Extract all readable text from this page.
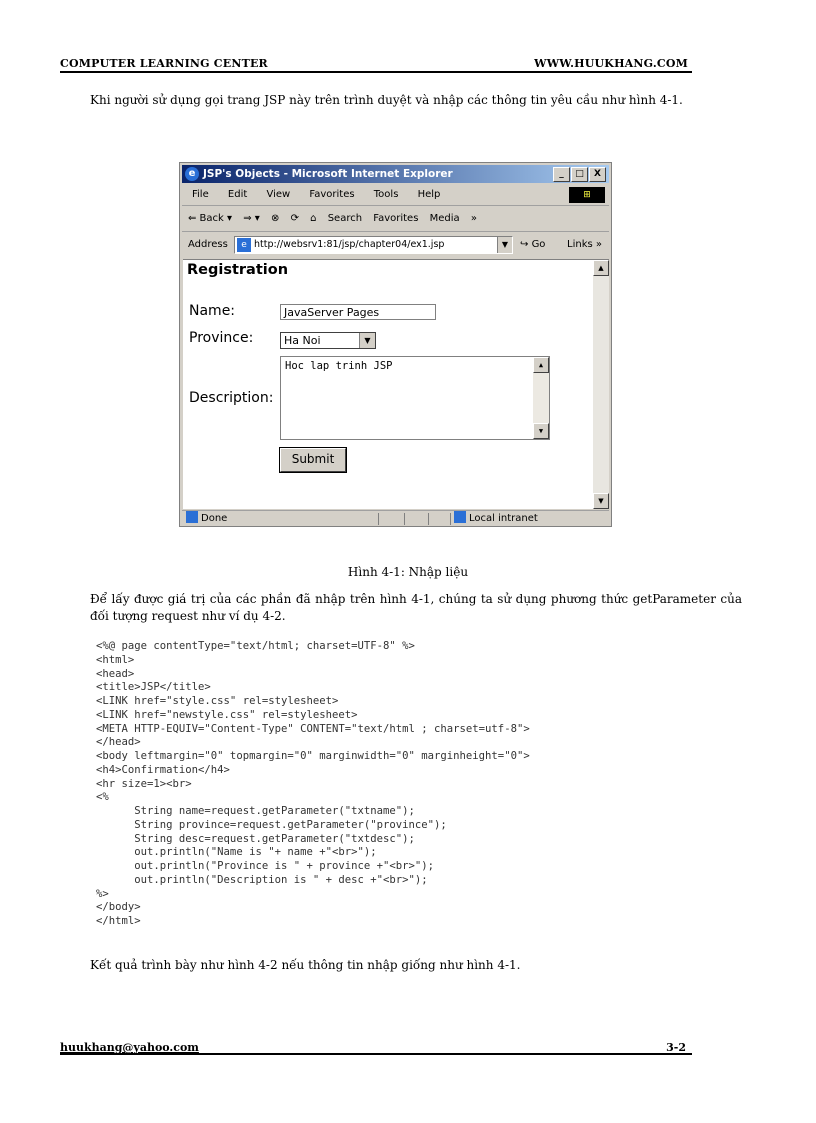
COMPUTER LEARNING CENTER	WWW.HUUKHANG.COM
Khi người sử dụng gọi trang JSP này trên trình duyệt và nhập các thông tin yêu cầu như hình 4-1.
e JSP's Objects - Microsoft Internet Explorer	_ □ X
File Edit View Favorites Tools Help	⊞
⇐ Back ▾ ⇒ ▾ ⊗ ⟳ ⌂ Search Favorites Media »
Address	e http://websrv1:81/jsp/chapter04/ex1.jsp	▼	↪ Go Links »
Registration
Name:	JavaServer Pages
Province:	Ha Noi	▼
Description:
Hoc lap trinh JSP	▲
▼
Submit
▲
▼
Done	Local intranet
Hình 4-1: Nhập liệu
Để lấy được giá trị của các phần đã nhập trên hình 4-1, chúng ta sử dụng phương thức getParameter của đối tượng request như ví dụ 4-2.
<%@ page contentType="text/html; charset=UTF-8" %>
<html>
<head>
<title>JSP</title>
<LINK href="style.css" rel=stylesheet>
<LINK href="newstyle.css" rel=stylesheet>
<META HTTP-EQUIV="Content-Type" CONTENT="text/html ; charset=utf-8">
</head>
<body leftmargin="0" topmargin="0" marginwidth="0" marginheight="0">
<h4>Confirmation</h4>
<hr size=1><br>
<%
String name=request.getParameter("txtname");
String province=request.getParameter("province");
String desc=request.getParameter("txtdesc");
out.println("Name is "+ name +"<br>");
out.println("Province is " + province +"<br>");
out.println("Description is " + desc +"<br>");
%>
</body>
</html>
Kết quả trình bày như hình 4-2 nếu thông tin nhập giống như hình 4-1.
huukhang@yahoo.com	3-2
